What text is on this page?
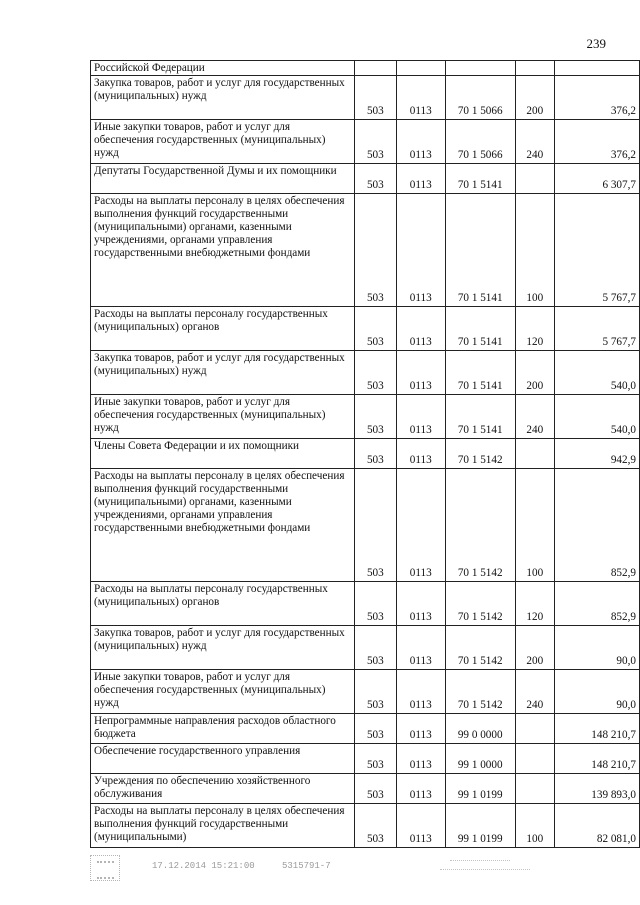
239
Российской Федерации					
Закупка товаров, работ и услуг для государственных (муниципальных) нужд	503	0113	70 1 5066	200	376,2
Иные закупки товаров, работ и услуг для обеспечения государственных (муниципальных) нужд	503	0113	70 1 5066	240	376,2
Депутаты Государственной Думы и их помощники	503	0113	70 1 5141		6 307,7
Расходы на выплаты персоналу в целях обеспечения выполнения функций государственными (муниципальными) органами, казенными учреждениями, органами управления государственными внебюджетными фондами	503	0113	70 1 5141	100	5 767,7
Расходы на выплаты персоналу государственных (муниципальных) органов	503	0113	70 1 5141	120	5 767,7
Закупка товаров, работ и услуг для государственных (муниципальных) нужд	503	0113	70 1 5141	200	540,0
Иные закупки товаров, работ и услуг для обеспечения государственных (муниципальных) нужд	503	0113	70 1 5141	240	540,0
Члены Совета Федерации и их помощники	503	0113	70 1 5142		942,9
Расходы на выплаты персоналу в целях обеспечения выполнения функций государственными (муниципальными) органами, казенными учреждениями, органами управления государственными внебюджетными фондами	503	0113	70 1 5142	100	852,9
Расходы на выплаты персоналу государственных (муниципальных) органов	503	0113	70 1 5142	120	852,9
Закупка товаров, работ и услуг для государственных (муниципальных) нужд	503	0113	70 1 5142	200	90,0
Иные закупки товаров, работ и услуг для обеспечения государственных (муниципальных) нужд	503	0113	70 1 5142	240	90,0
Непрограммные направления расходов областного бюджета	503	0113	99 0 0000		148 210,7
Обеспечение государственного управления	503	0113	99 1 0000		148 210,7
Учреждения по обеспечению хозяйственного обслуживания	503	0113	99 1 0199		139 893,0
Расходы на выплаты персоналу в целях обеспечения выполнения функций государственными (муниципальными)	503	0113	99 1 0199	100	82 081,0
17.12.2014 15:21:00	5315791-7
